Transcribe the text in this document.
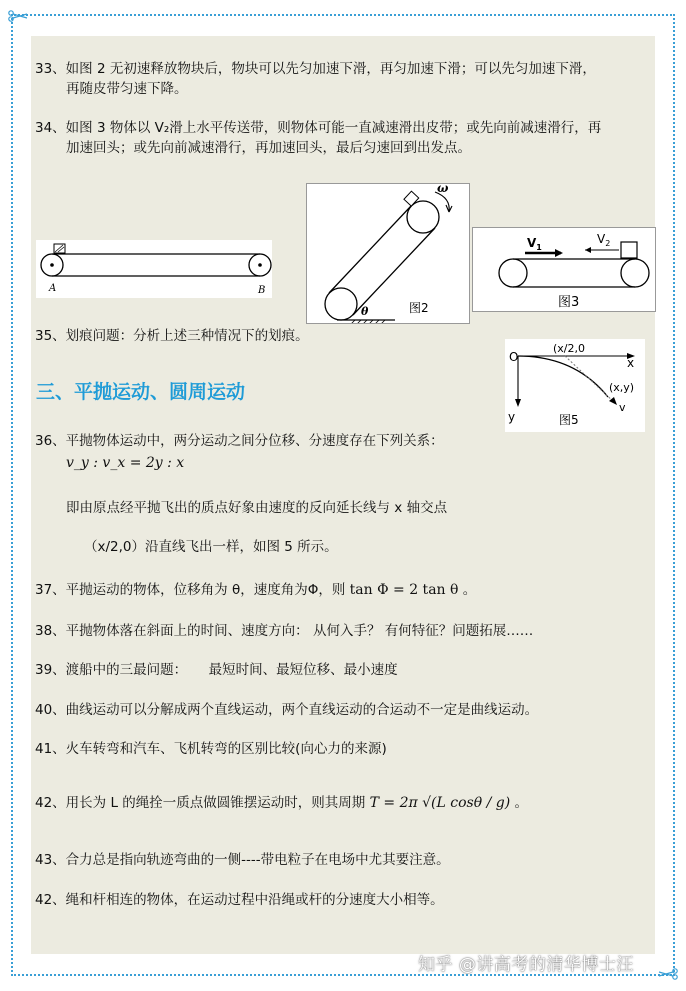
33、如图 2 无初速释放物块后，物块可以先匀加速下滑，再匀加速下滑；可以先匀加速下滑，
再随皮带匀速下降。
34、如图 3 物体以 V₂滑上水平传送带，则物体可能一直减速滑出皮带；或先向前减速滑行，再
加速回头；或先向前减速滑行，再加速回头，最后匀速回到出发点。
A	B
θ
ω
图2
$V_1$
$V_2$
图3
O	x
y
(x/2,0
(x,y)
v
图5
35、划痕问题：分析上述三种情况下的划痕。
三、平抛运动、圆周运动
36、平抛物体运动中，两分运动之间分位移、分速度存在下列关系：
v_y : v_x = 2y : x
即由原点经平抛飞出的质点好象由速度的反向延长线与 x 轴交点
（x/2,0）沿直线飞出一样，如图 5 所示。
37、平抛运动的物体，位移角为 θ，速度角为Φ，则 tan Φ = 2 tan θ 。
38、平抛物体落在斜面上的时间、速度方向： 从何入手？ 有何特征？问题拓展……
39、渡船中的三最问题：     最短时间、最短位移、最小速度
40、曲线运动可以分解成两个直线运动，两个直线运动的合运动不一定是曲线运动。
41、火车转弯和汽车、飞机转弯的区别比较(向心力的来源)
42、用长为 L 的绳拴一质点做圆锥摆运动时，则其周期 T = 2π √(L cosθ / g) 。
43、合力总是指向轨迹弯曲的一侧----带电粒子在电场中尤其要注意。
42、绳和杆相连的物体，在运动过程中沿绳或杆的分速度大小相等。
知乎 @讲高考的清华博士汪
